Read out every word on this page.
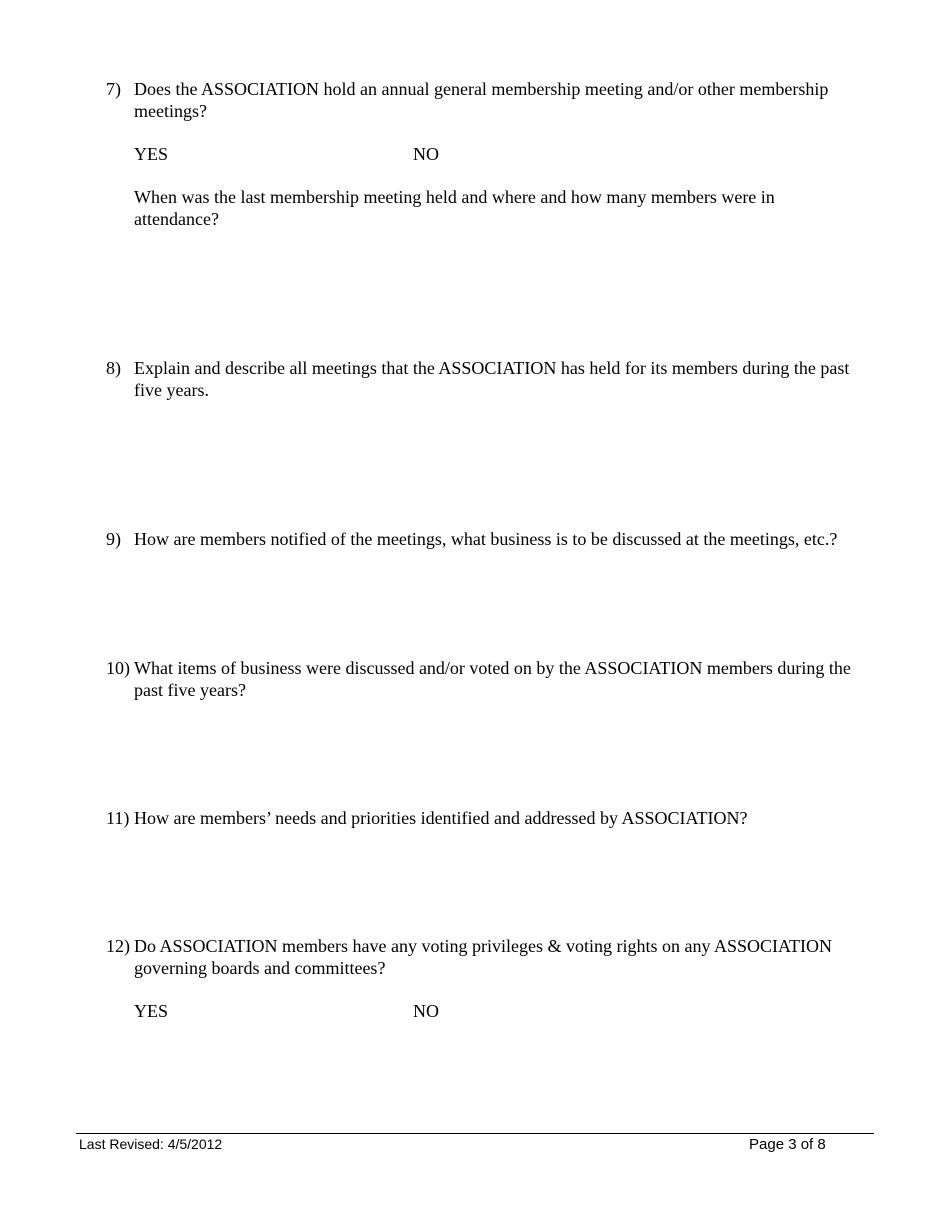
7) Does the ASSOCIATION hold an annual general membership meeting and/or other membership meetings?
YES	NO
When was the last membership meeting held and where and how many members were in attendance?
8) Explain and describe all meetings that the ASSOCIATION has held for its members during the past five years.
9) How are members notified of the meetings, what business is to be discussed at the meetings, etc.?
10) What items of business were discussed and/or voted on by the ASSOCIATION members during the past five years?
11) How are members’ needs and priorities identified and addressed by ASSOCIATION?
12) Do ASSOCIATION members have any voting privileges & voting rights on any ASSOCIATION governing boards and committees?
YES	NO
Last Revised: 4/5/2012	Page 3 of 8
